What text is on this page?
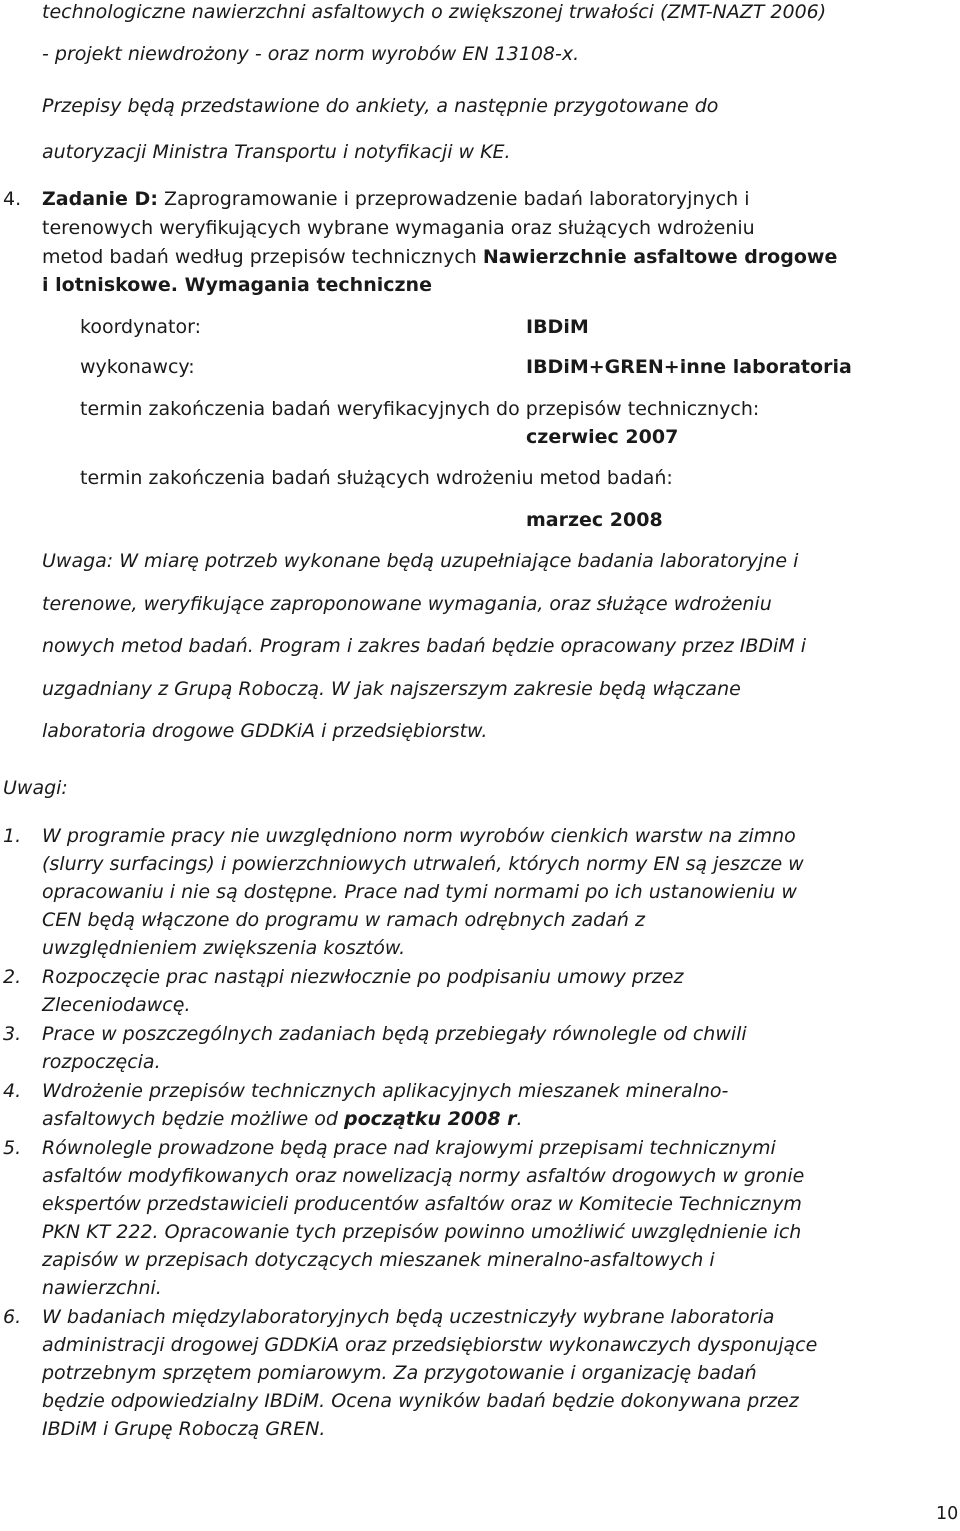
technologiczne nawierzchni asfaltowych o zwiększonej trwałości (ZMT-NAZT 2006)
- projekt niewdrożony - oraz norm wyrobów EN 13108-x.
Przepisy będą przedstawione do ankiety, a następnie przygotowane do
autoryzacji Ministra Transportu i notyfikacji w KE.
4. Zadanie D: Zaprogramowanie i przeprowadzenie badań laboratoryjnych i
terenowych weryfikujących wybrane wymagania oraz służących wdrożeniu
metod badań według przepisów technicznych Nawierzchnie asfaltowe drogowe
i lotniskowe. Wymagania techniczne
koordynator:	IBDiM
wykonawcy:	IBDiM+GREN+inne laboratoria
termin zakończenia badań weryfikacyjnych do przepisów technicznych:
czerwiec 2007
termin zakończenia badań służących wdrożeniu metod badań:
marzec 2008
Uwaga: W miarę potrzeb wykonane będą uzupełniające badania laboratoryjne i
terenowe, weryfikujące zaproponowane wymagania, oraz służące wdrożeniu
nowych metod badań. Program i zakres badań będzie opracowany przez IBDiM i
uzgadniany z Grupą Roboczą. W jak najszerszym zakresie będą włączane
laboratoria drogowe GDDKiA i przedsiębiorstw.
Uwagi:
1. W programie pracy nie uwzględniono norm wyrobów cienkich warstw na zimno
(slurry surfacings) i powierzchniowych utrwaleń, których normy EN są jeszcze w
opracowaniu i nie są dostępne. Prace nad tymi normami po ich ustanowieniu w
CEN będą włączone do programu w ramach odrębnych zadań z
uwzględnieniem zwiększenia kosztów.
2. Rozpoczęcie prac nastąpi niezwłocznie po podpisaniu umowy przez
Zleceniodawcę.
3. Prace w poszczególnych zadaniach będą przebiegały równolegle od chwili
rozpoczęcia.
4. Wdrożenie przepisów technicznych aplikacyjnych mieszanek mineralno-
asfaltowych będzie możliwe od początku 2008 r.
5. Równolegle prowadzone będą prace nad krajowymi przepisami technicznymi
asfaltów modyfikowanych oraz nowelizacją normy asfaltów drogowych w gronie
ekspertów przedstawicieli producentów asfaltów oraz w Komitecie Technicznym
PKN KT 222. Opracowanie tych przepisów powinno umożliwić uwzględnienie ich
zapisów w przepisach dotyczących mieszanek mineralno-asfaltowych i
nawierzchni.
6. W badaniach międzylaboratoryjnych będą uczestniczyły wybrane laboratoria
administracji drogowej GDDKiA oraz przedsiębiorstw wykonawczych dysponujące
potrzebnym sprzętem pomiarowym. Za przygotowanie i organizację badań
będzie odpowiedzialny IBDiM. Ocena wyników badań będzie dokonywana przez
IBDiM i Grupę Roboczą GREN.
10
